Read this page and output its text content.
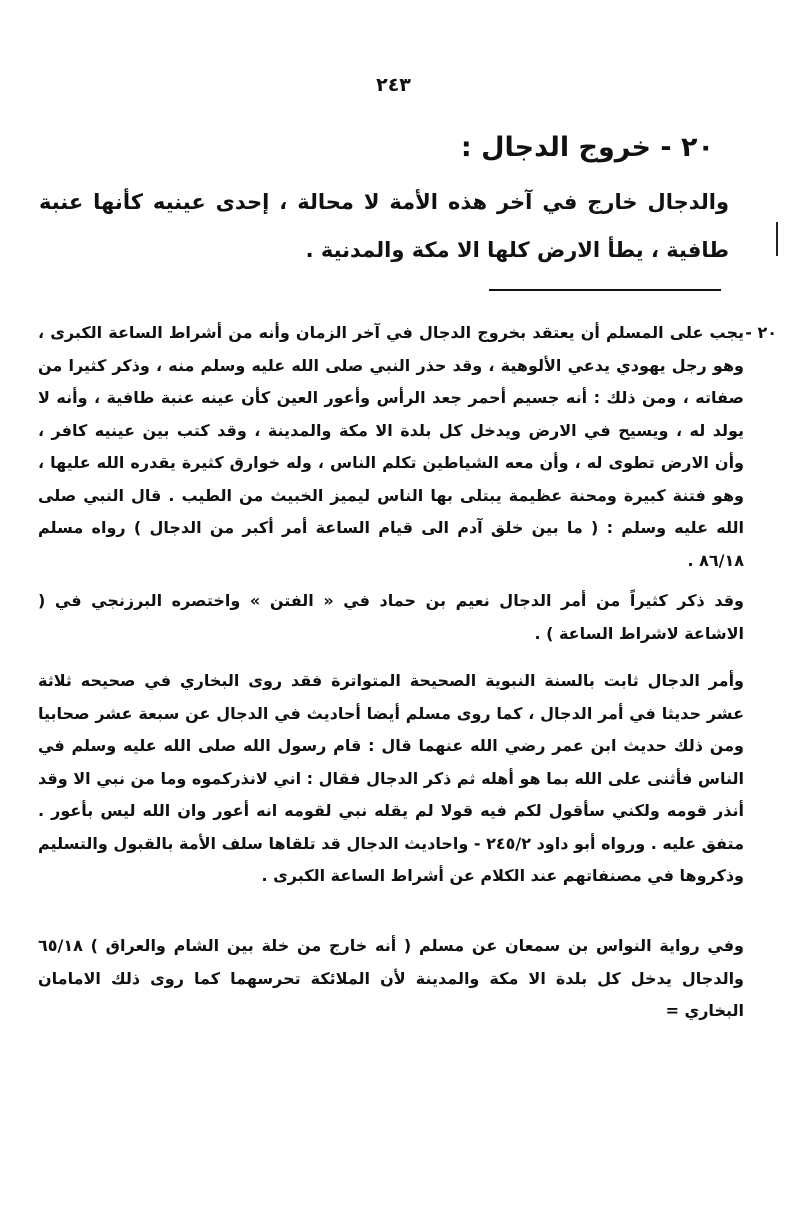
٢٤٣
٢٠ - خروج الدجال :

والدجال خارج في آخر هذه الأمة لا محالة ، إحدى عينيه كأنها عنبة طافية ، يطأ الارض كلها الا مكة والمدنية .

٢٠ -

يجب على المسلم أن يعتقد بخروج الدجال في آخر الزمان وأنه من أشراط الساعة الكبرى ، وهو رجل يهودي يدعي الألوهية ، وقد حذر النبي صلى الله عليه وسلم منه ، وذكر كثيرا من صفاته ، ومن ذلك : أنه جسيم أحمر جعد الرأس وأعور العين كأن عينه عنبة طافية ، وأنه لا يولد له ، ويسيح في الارض ويدخل كل بلدة الا مكة والمدينة ، وقد كتب بين عينيه كافر ، وأن الارض تطوى له ، وأن معه الشياطين تكلم الناس ، وله خوارق كثيرة يقدره الله عليها ، وهو فتنة كبيرة ومحنة عظيمة يبتلى بها الناس ليميز الخبيث من الطيب . قال النبي صلى الله عليه وسلم : ( ما بين خلق آدم الى قيام الساعة أمر أكبر من الدجال ) رواه مسلم ٨٦/١٨ .

وقد ذكر كثيراً من أمر الدجال نعيم بن حماد في « الفتن » واختصره البرزنجي في ( الاشاعة لاشراط الساعة ) .

وأمر الدجال ثابت بالسنة النبوية الصحيحة المتواترة فقد روى البخاري في صحيحه ثلاثة عشر حديثا في أمر الدجال ، كما روى مسلم أيضا أحاديث في الدجال عن سبعة عشر صحابيا ومن ذلك حديث ابن عمر رضي الله عنهما قال : قام رسول الله صلى الله عليه وسلم في الناس فأثنى على الله بما هو أهله ثم ذكر الدجال فقال : اني لانذركموه وما من نبي الا وقد أنذر قومه ولكني سأقول لكم فيه قولا لم يقله نبي لقومه انه أعور وان الله ليس بأعور . متفق عليه . ورواه أبو داود ٢٤٥/٢ - واحاديث الدجال قد تلقاها سلف الأمة بالقبول والتسليم وذكروها في مصنفاتهم عند الكلام عن أشراط الساعة الكبرى .

وفي رواية النواس بن سمعان عن مسلم ( أنه خارج من خلة بين الشام والعراق ) ٦٥/١٨ والدجال يدخل كل بلدة الا مكة والمدينة لأن الملائكة تحرسهما كما روى ذلك الامامان البخاري =
